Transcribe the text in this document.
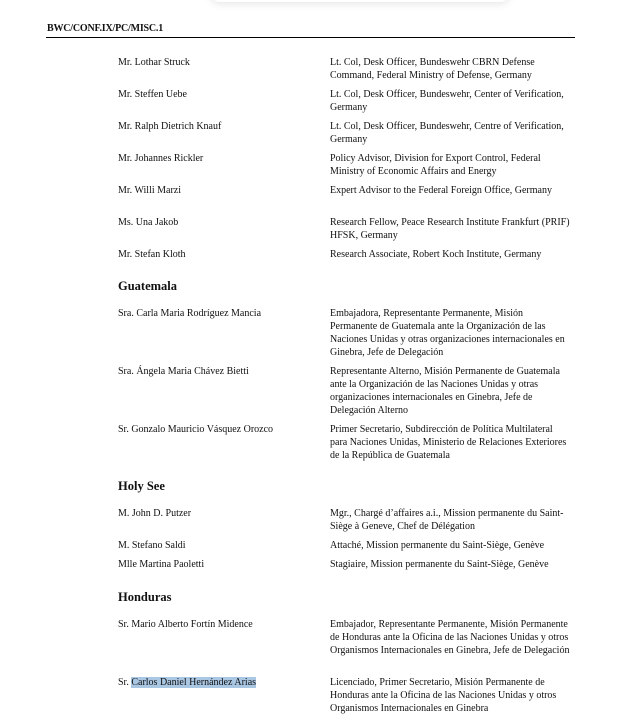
BWC/CONF.IX/PC/MISC.1
Mr. Lothar Struck	Lt. Col, Desk Officer, Bundeswehr CBRN Defense Command, Federal Ministry of Defense, Germany
Mr. Steffen Uebe	Lt. Col, Desk Officer, Bundeswehr, Center of Verification, Germany
Mr. Ralph Dietrich Knauf	Lt. Col, Desk Officer, Bundeswehr, Centre of Verification, Germany
Mr. Johannes Rickler	Policy Advisor, Division for Export Control, Federal Ministry of Economic Affairs and Energy
Mr. Willi Marzi	Expert Advisor to the Federal Foreign Office, Germany
Ms. Una Jakob	Research Fellow, Peace Research Institute Frankfurt (PRIF) HFSK, Germany
Mr. Stefan Kloth	Research Associate, Robert Koch Institute, Germany
Guatemala
Sra. Carla Maria Rodríguez Mancia	Embajadora, Representante Permanente, Misión Permanente de Guatemala ante la Organización de las Naciones Unidas y otras organizaciones internacionales en Ginebra, Jefe de Delegación
Sra. Ángela Maria Chávez Bietti	Representante Alterno, Misión Permanente de Guatemala ante la Organización de las Naciones Unidas y otras organizaciones internacionales en Ginebra, Jefe de Delegación Alterno
Sr. Gonzalo Mauricio Vásquez Orozco	Primer Secretario, Subdirección de Política Multilateral para Naciones Unidas, Ministerio de Relaciones Exteriores de la República de Guatemala
Holy See
M. John D. Putzer	Mgr., Chargé d’affaires a.i., Mission permanente du Saint-Siège à Geneve, Chef de Délégation
M. Stefano Saldi	Attaché, Mission permanente du Saint-Siège, Genève
Mlle Martina Paoletti	Stagiaire, Mission permanente du Saint-Siège, Genève
Honduras
Sr. Mario Alberto Fortín Midence	Embajador, Representante Permanente, Misión Permanente de Honduras ante la Oficina de las Naciones Unidas y otros Organismos Internacionales en Ginebra, Jefe de Delegación
Sr. Carlos Daniel Hernández Arias	Licenciado, Primer Secretario, Misión Permanente de Honduras ante la Oficina de las Naciones Unidas y otros Organismos Internacionales en Ginebra
